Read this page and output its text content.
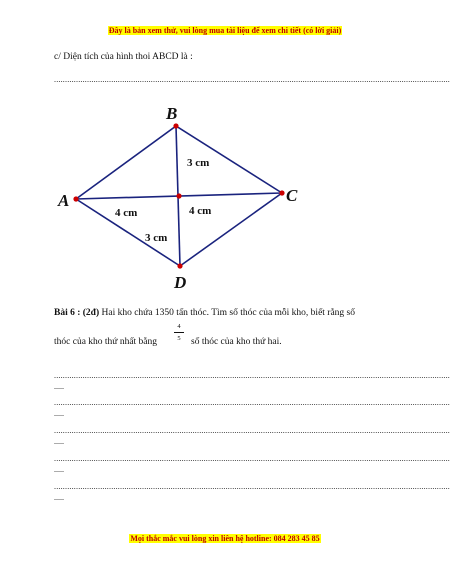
Đây là bản xem thử, vui lòng mua tài liệu để xem chi tiết (có lời giải)
c/ Diện tích của hình thoi ABCD là :
....................................................................................................................................................................................
A
B
C
D
3 cm
4 cm	4 cm
3 cm
Bài 6 : (2đ) Hai kho chứa 1350 tấn thóc. Tìm số thóc của mỗi kho, biết rằng số
thóc của kho thứ nhất bằng
4
5	số thóc của kho thứ hai.
....................................................................................................................................................................................
.....
....................................................................................................................................................................................
.....
....................................................................................................................................................................................
.....
....................................................................................................................................................................................
.....
....................................................................................................................................................................................
.....
Mọi thắc mắc vui lòng xin liên hệ hotline: 084 283 45 85
